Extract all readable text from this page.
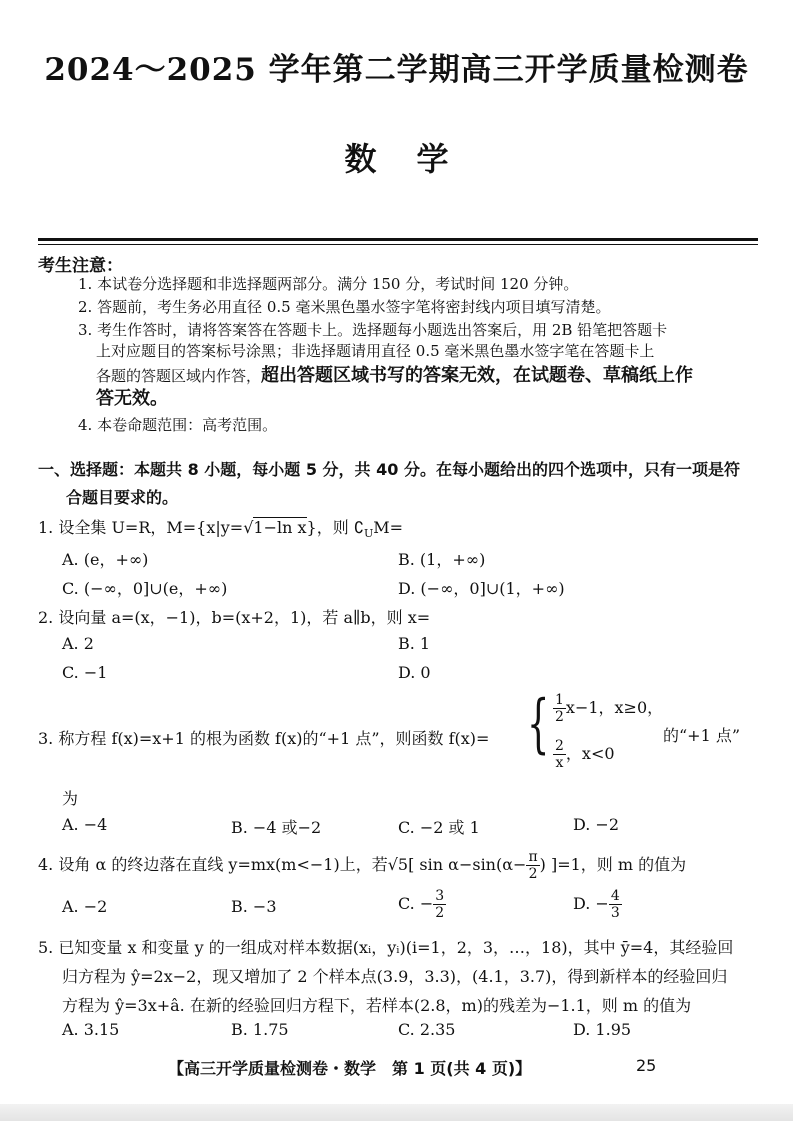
2024～2025 学年第二学期高三开学质量检测卷
数学
考生注意：
1. 本试卷分选择题和非选择题两部分。满分 150 分，考试时间 120 分钟。
2. 答题前，考生务必用直径 0.5 毫米黑色墨水签字笔将密封线内项目填写清楚。
3. 考生作答时，请将答案答在答题卡上。选择题每小题选出答案后，用 2B 铅笔把答题卡
上对应题目的答案标号涂黑；非选择题请用直径 0.5 毫米黑色墨水签字笔在答题卡上
各题的答题区域内作答，超出答题区域书写的答案无效，在试题卷、草稿纸上作
答无效。
4. 本卷命题范围：高考范围。
一、选择题：本题共 8 小题，每小题 5 分，共 40 分。在每小题给出的四个选项中，只有一项是符
合题目要求的。
1. 设全集 U=R，M={x|y=√1−ln x}，则 $∁_UM=$
A. (e，+∞)	B. (1，+∞)
C. (−∞，0]∪(e，+∞)	D. (−∞，0]∪(1，+∞)
2. 设向量 a=(x，−1)，b=(x+2，1)，若 a∥b，则 x=
A. 2	B. 1
C. −1	D. 0
3. 称方程 f(x)=x+1 的根为函数 f(x)的“+1 点”，则函数 f(x)= { $\frac{1}{2} x-1$，x≥0，
$\frac{2}{x}$ ，x<0
的“+1 点”
为
A. −4	B. −4 或−2	C. −2 或 1	D. −2
4. 设角 α 的终边落在直线 y=mx(m<−1)上，若√5[ $\sin \alpha-\sin(\alpha- \frac{\pi}{2}$ ) ]=1，则 m 的值为
A. −2	B. −3	C. − $\frac{3}{2}$	D. − $\frac{4}{3}$
5. 已知变量 x 和变量 y 的一组成对样本数据(xᵢ，yᵢ)(i=1，2，3，…，18)，其中 ȳ=4，其经验回
归方程为 ŷ=2x−2，现又增加了 2 个样本点(3.9，3.3)，(4.1，3.7)，得到新样本的经验回归
方程为 ŷ=3x+â. 在新的经验回归方程下，若样本(2.8，m)的残差为−1.1，则 m 的值为
A. 3.15	B. 1.75	C. 2.35	D. 1.95
【高三开学质量检测卷・数学　第 1 页(共 4 页)】	25
